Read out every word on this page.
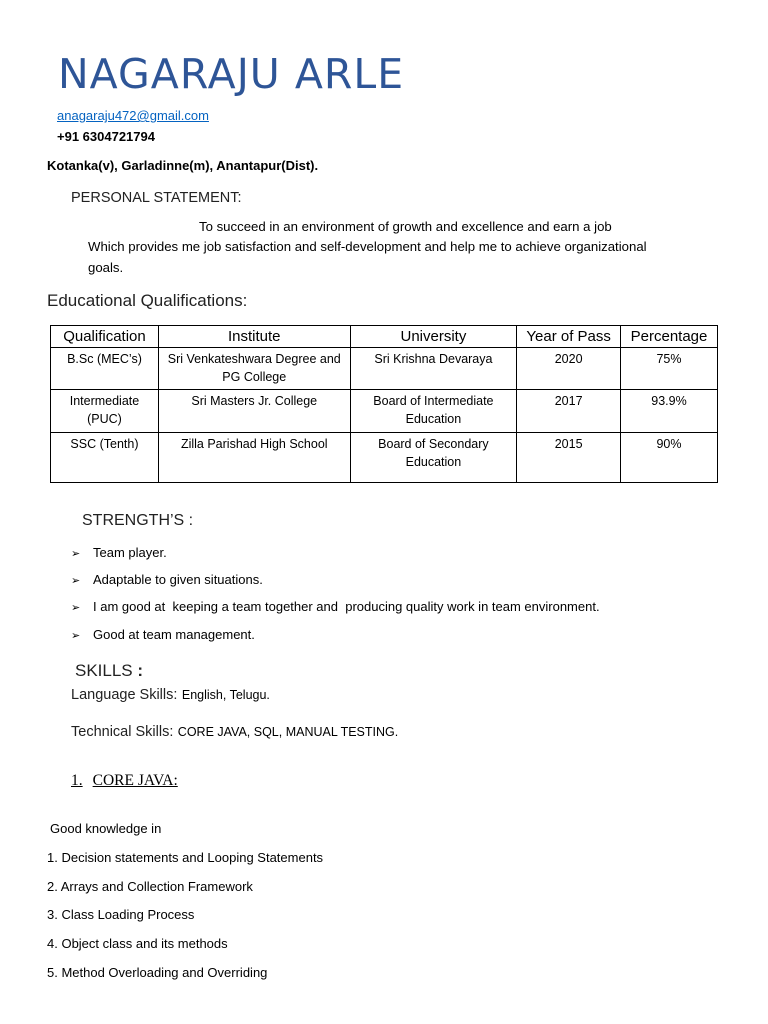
NAGARAJU ARLE
anagaraju472@gmail.com
+91 6304721794
Kotanka(v), Garladinne(m), Anantapur(Dist).
PERSONAL STATEMENT:
To succeed in an environment of growth and excellence and earn a job
Which provides me job satisfaction and self-development and help me to achieve organizational
goals.
Educational Qualifications:
Qualification	Institute	University	Year of Pass	Percentage
B.Sc (MEC’s)	Sri Venkateshwara Degree and PG College	Sri Krishna Devaraya	2020	75%
Intermediate (PUC)	Sri Masters Jr. College	Board of Intermediate Education	2017	93.9%
SSC (Tenth)	Zilla Parishad High School	Board of Secondary Education	2015	90%
STRENGTH’S :
➢ Team player.
➢ Adaptable to given situations.
➢ I am good at  keeping a team together and  producing quality work in team environment.
➢ Good at team management.
SKILLS :
Language Skills: English, Telugu.
Technical Skills: CORE JAVA, SQL, MANUAL TESTING.
1. CORE JAVA:
Good knowledge in
1. Decision statements and Looping Statements
2. Arrays and Collection Framework
3. Class Loading Process
4. Object class and its methods
5. Method Overloading and Overriding
